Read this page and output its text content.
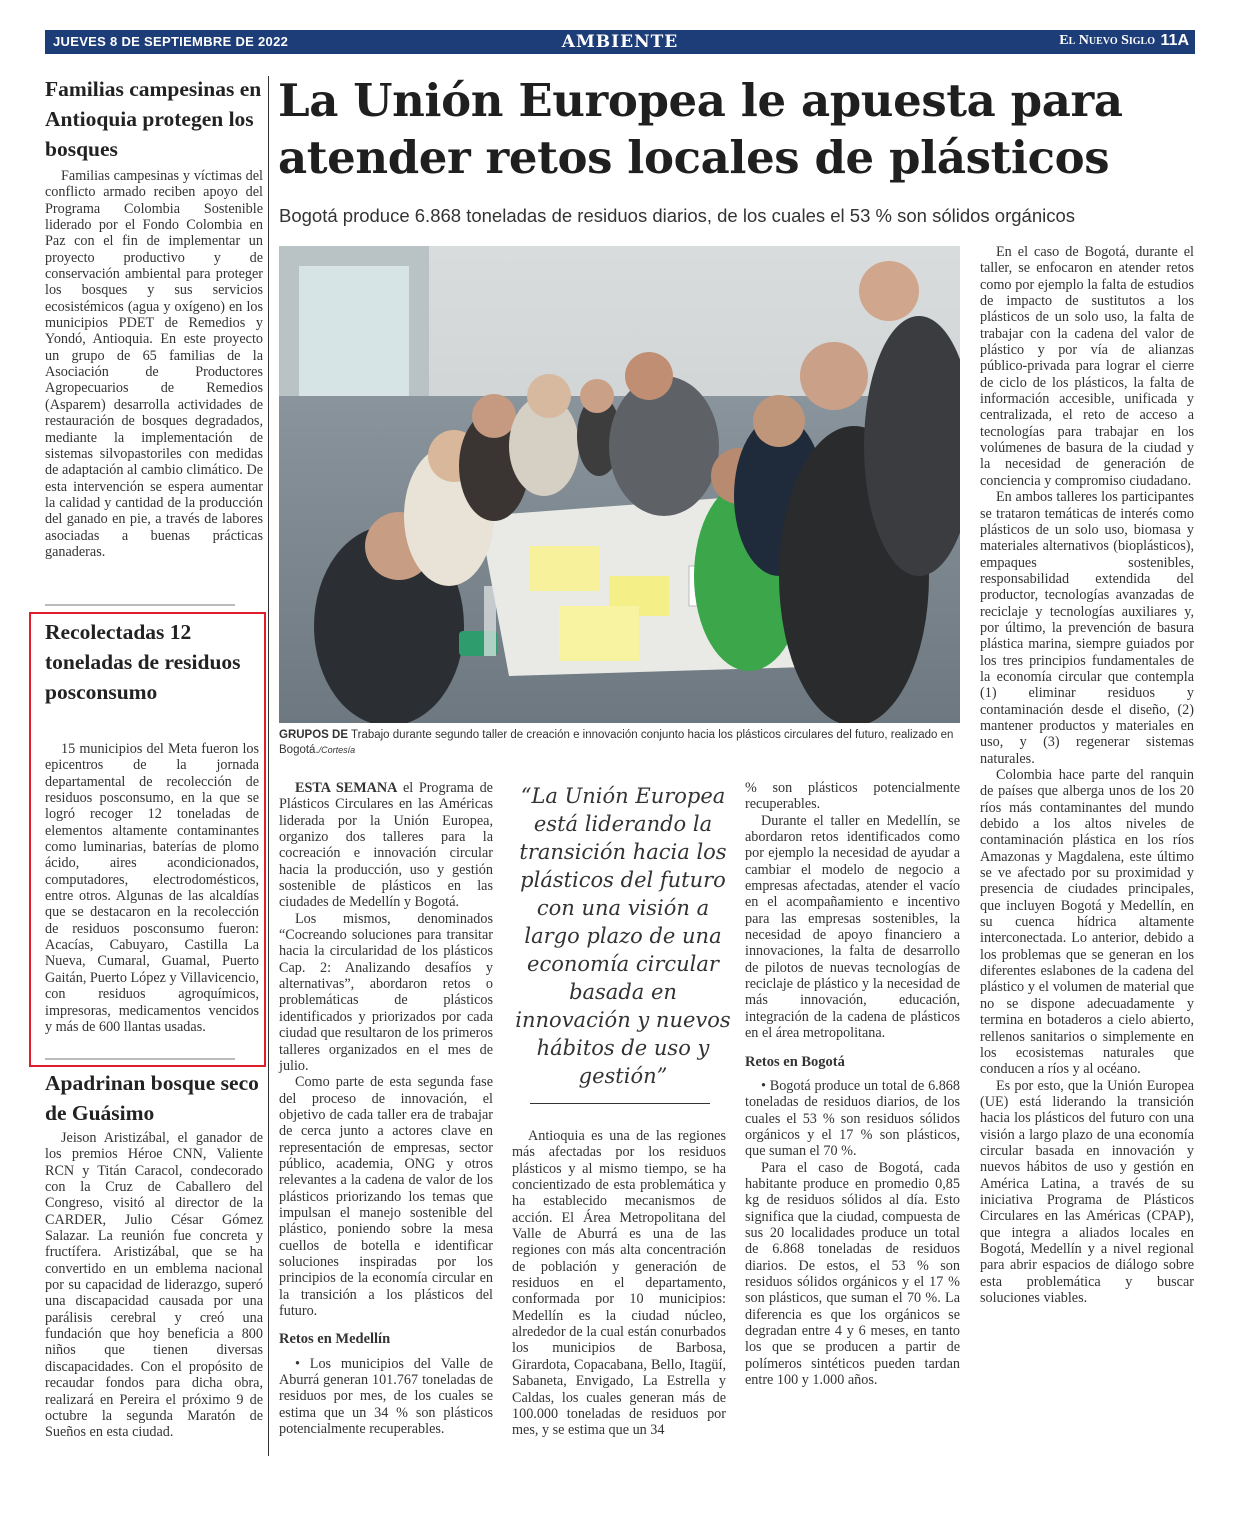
JUEVES 8 DE SEPTIEMBRE DE 2022	AMBIENTE	El Nuevo Siglo 11A
Familias campesinas en Antioquia protegen los bosques
Familias campesinas y víctimas del conflicto armado reciben apoyo del Programa Colombia Sostenible liderado por el Fondo Colombia en Paz con el fin de implementar un proyecto productivo y de conservación ambiental para proteger los bosques y sus servicios ecosistémicos (agua y oxígeno) en los municipios PDET de Remedios y Yondó, Antioquia. En este proyecto un grupo de 65 familias de la Asociación de Productores Agropecuarios de Remedios (Asparem) desarrolla actividades de restauración de bosques degradados, mediante la implementación de sistemas silvopastoriles con medidas de adaptación al cambio climático. De esta intervención se espera aumentar la calidad y cantidad de la producción del ganado en pie, a través de labores asociadas a buenas prácticas ganaderas.
Recolectadas 12 toneladas de residuos posconsumo
15 municipios del Meta fueron los epicentros de la jornada departamental de recolección de residuos posconsumo, en la que se logró recoger 12 toneladas de elementos altamente contaminantes como luminarias, baterías de plomo ácido, aires acondicionados, computadores, electrodomésticos, entre otros. Algunas de las alcaldías que se destacaron en la recolección de residuos posconsumo fueron: Acacías, Cabuyaro, Castilla La Nueva, Cumaral, Guamal, Puerto Gaitán, Puerto López y Villavicencio, con residuos agroquímicos, impresoras, medicamentos vencidos y más de 600 llantas usadas.
Apadrinan bosque seco de Guásimo
Jeison Aristizábal, el ganador de los premios Héroe CNN, Valiente RCN y Titán Caracol, condecorado con la Cruz de Caballero del Congreso, visitó al director de la CARDER, Julio César Gómez Salazar. La reunión fue concreta y fructífera. Aristizábal, que se ha convertido en un emblema nacional por su capacidad de liderazgo, superó una discapacidad causada por una parálisis cerebral y creó una fundación que hoy beneficia a 800 niños que tienen diversas discapacidades. Con el propósito de recaudar fondos para dicha obra, realizará en Pereira el próximo 9 de octubre la segunda Maratón de Sueños en esta ciudad.
La Unión Europea le apuesta para atender retos locales de plásticos
Bogotá produce 6.868 toneladas de residuos diarios, de los cuales el 53 % son sólidos orgánicos
GRUPOS DE Trabajo durante segundo taller de creación e innovación conjunto hacia los plásticos circulares del futuro, realizado en Bogotá./Cortesía

ESTA SEMANA el Programa de Plásticos Circulares en las Américas liderada por la Unión Europea, organizo dos talleres para la cocreación e innovación circular hacia la producción, uso y gestión sostenible de plásticos en las ciudades de Medellín y Bogotá.

Los mismos, denominados “Cocreando soluciones para transitar hacia la circularidad de los plásticos Cap. 2: Analizando desafíos y alternativas”, abordaron retos o problemáticas de plásticos identificados y priorizados por cada ciudad que resultaron de los primeros talleres organizados en el mes de julio.

Como parte de esta segunda fase del proceso de innovación, el objetivo de cada taller era de trabajar de cerca junto a actores clave en representación de empresas, sector público, academia, ONG y otros relevantes a la cadena de valor de los plásticos priorizando los temas que impulsan el manejo sostenible del plástico, poniendo sobre la mesa cuellos de botella e identificar soluciones inspiradas por los principios de la economía circular en la transición a los plásticos del futuro.

Retos en Medellín

• Los municipios del Valle de Aburrá generan 101.767 toneladas de residuos por mes, de los cuales se estima que un 34 % son plásticos potencialmente recuperables.

“La Unión Europea está liderando la transición hacia los plásticos del futuro con una visión a largo plazo de una economía circular basada en innovación y nuevos hábitos de uso y gestión”

Antioquia es una de las regiones más afectadas por los residuos plásticos y al mismo tiempo, se ha concientizado de esta problemática y ha establecido mecanismos de acción. El Área Metropolitana del Valle de Aburrá es una de las regiones con más alta concentración de población y generación de residuos en el departamento, conformada por 10 municipios: Medellín es la ciudad núcleo, alrededor de la cual están conurbados los municipios de Barbosa, Girardota, Copacabana, Bello, Itagüí, Sabaneta, Envigado, La Estrella y Caldas, los cuales generan más de 100.000 toneladas de residuos por mes, y se estima que un 34

% son plásticos potencialmente recuperables.

Durante el taller en Medellín, se abordaron retos identificados como por ejemplo la necesidad de ayudar a cambiar el modelo de negocio a empresas afectadas, atender el vacío en el acompañamiento e incentivo para las empresas sostenibles, la necesidad de apoyo financiero a innovaciones, la falta de desarrollo de pilotos de nuevas tecnologías de reciclaje de plástico y la necesidad de más innovación, educación, integración de la cadena de plásticos en el área metropolitana.

Retos en Bogotá

• Bogotá produce un total de 6.868 toneladas de residuos diarios, de los cuales el 53 % son residuos sólidos orgánicos y el 17 % son plásticos, que suman el 70 %.

Para el caso de Bogotá, cada habitante produce en promedio 0,85 kg de residuos sólidos al día. Esto significa que la ciudad, compuesta de sus 20 localidades produce un total de 6.868 toneladas de residuos diarios. De estos, el 53 % son residuos sólidos orgánicos y el 17 % son plásticos, que suman el 70 %. La diferencia es que los orgánicos se degradan entre 4 y 6 meses, en tanto los que se producen a partir de polímeros sintéticos pueden tardan entre 100 y 1.000 años.

En el caso de Bogotá, durante el taller, se enfocaron en atender retos como por ejemplo la falta de estudios de impacto de sustitutos a los plásticos de un solo uso, la falta de trabajar con la cadena del valor de plástico y por vía de alianzas público-privada para lograr el cierre de ciclo de los plásticos, la falta de información accesible, unificada y centralizada, el reto de acceso a tecnologías para trabajar en los volúmenes de basura de la ciudad y la necesidad de generación de conciencia y compromiso ciudadano.

En ambos talleres los participantes se trataron temáticas de interés como plásticos de un solo uso, biomasa y materiales alternativos (bioplásticos), empaques sostenibles, responsabilidad extendida del productor, tecnologías avanzadas de reciclaje y tecnologías auxiliares y, por último, la prevención de basura plástica marina, siempre guiados por los tres principios fundamentales de la economía circular que contempla (1) eliminar residuos y contaminación desde el diseño, (2) mantener productos y materiales en uso, y (3) regenerar sistemas naturales.

Colombia hace parte del ranquin de países que alberga unos de los 20 ríos más contaminantes del mundo debido a los altos niveles de contaminación plástica en los ríos Amazonas y Magdalena, este último se ve afectado por su proximidad y presencia de ciudades principales, que incluyen Bogotá y Medellín, en su cuenca hídrica altamente interconectada. Lo anterior, debido a los problemas que se generan en los diferentes eslabones de la cadena del plástico y el volumen de material que no se dispone adecuadamente y termina en botaderos a cielo abierto, rellenos sanitarios o simplemente en los ecosistemas naturales que conducen a ríos y al océano.

Es por esto, que la Unión Europea (UE) está liderando la transición hacia los plásticos del futuro con una visión a largo plazo de una economía circular basada en innovación y nuevos hábitos de uso y gestión en América Latina, a través de su iniciativa Programa de Plásticos Circulares en las Américas (CPAP), que integra a aliados locales en Bogotá, Medellín y a nivel regional para abrir espacios de diálogo sobre esta problemática y buscar soluciones viables.
